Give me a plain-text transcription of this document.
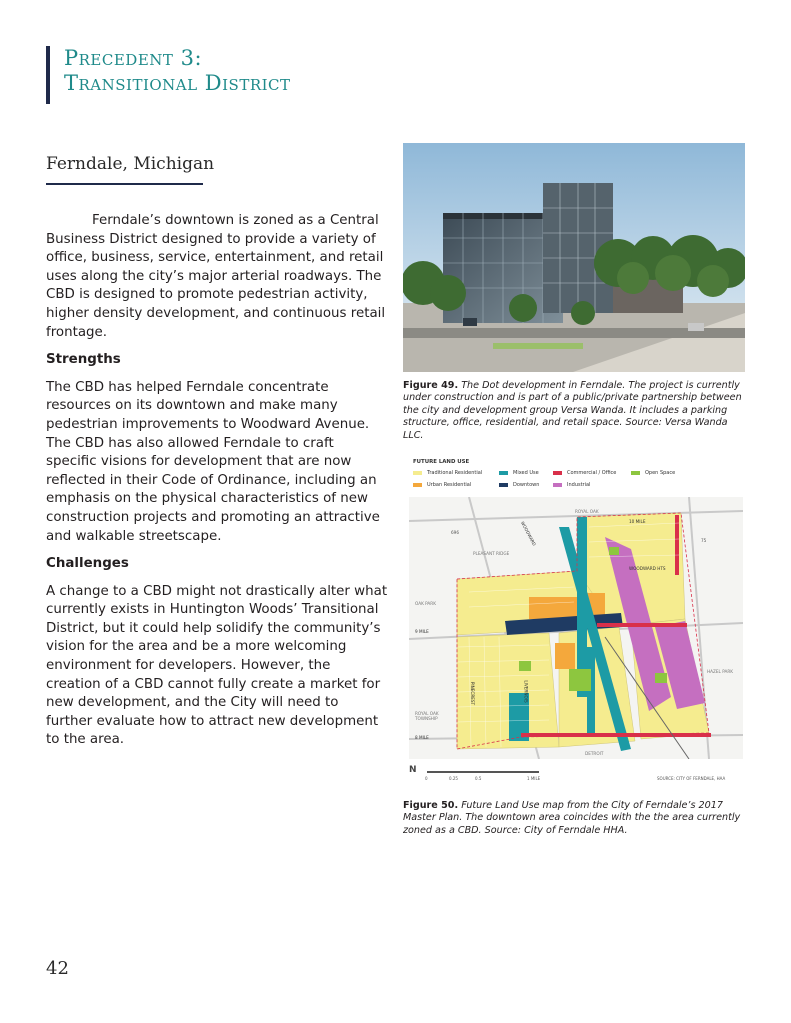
Precedent 3:
Transitional District
Ferndale, Michigan

Ferndale’s downtown is zoned as a Central Business District designed to provide a variety of office, business, service, entertainment, and retail uses along the city’s major arterial roadways. The CBD is designed to promote pedestrian activity, higher density development, and continuous retail frontage.

Strengths

The CBD has helped Ferndale concentrate resources on its downtown and make many pedestrian improvements to Woodward Avenue. The CBD has also allowed Ferndale to craft specific visions for development that are now reflected in their Code of Ordinance, including an emphasis on the physical characteristics of new construction projects and promoting an attractive and walkable streetscape.

Challenges

A change to a CBD might not drastically alter what currently exists in Huntington Woods’ Transitional District, but it could help solidify the community’s vision for the area and be a more welcoming environment for developers. However, the creation of a CBD cannot fully create a market for new development, and the City will need to further evaluate how to attract new development to the area.

Figure 49. The Dot development in Ferndale. The project is currently under construction and is part of a public/private partnership between the city and development group Versa Wanda. It includes a parking structure, office, residential, and retail space. Source: Versa Wanda LLC.
FUTURE LAND USE
Traditional Residential	Mixed Use	Commercial / Office	Open Space
Urban Residential	Downtown	Industrial
ROYAL OAK
10 MILE
PLEASANT RIDGE
WOODWARD
WOODWARD HTS
696
75
OAK PARK
9 MILE
HAZEL PARK
ROYAL OAK TOWNSHIP
8 MILE
DETROIT
LIVERNOIS
PINECREST
N
0	0.25	0.5	1 MILE	SOURCE: CITY OF FERNDALE, HAA
Figure 50. Future Land Use map from the City of Ferndale’s 2017 Master Plan. The downtown area coincides with the the area currently zoned as a CBD. Source: City of Ferndale HHA.
42
